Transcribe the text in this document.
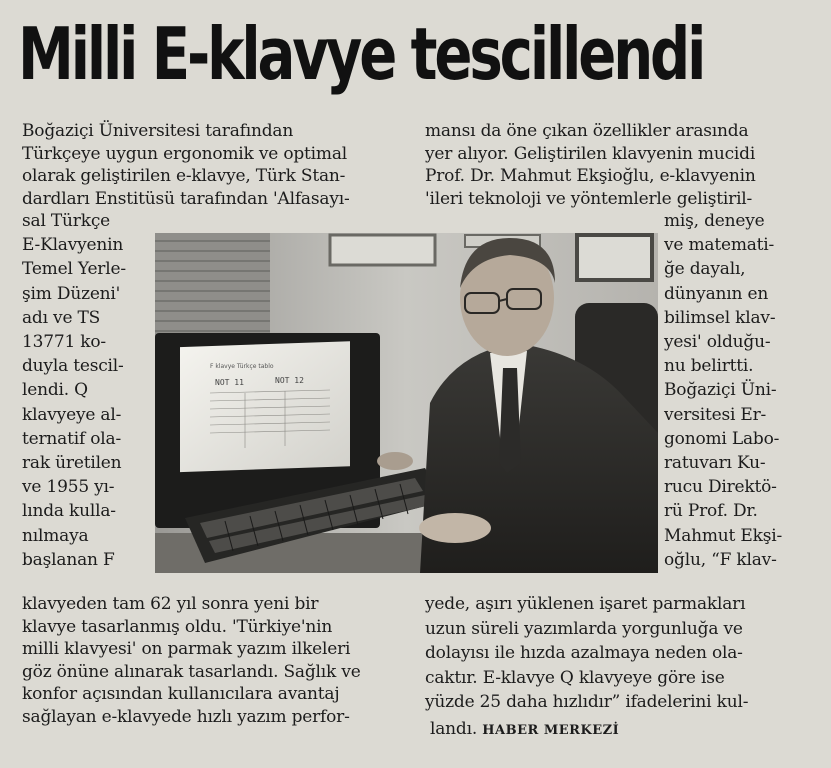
Milli E-klavye tescillendi
Boğaziçi Üniversitesi tarafından
Türkçeye uygun ergonomik ve optimal
olarak geliştirilen e-klavye, Türk Stan-
dardları Enstitüsü tarafından 'Alfasayı-
sal Türkçe
E-Klavyenin
Temel Yerle-
şim Düzeni'
adı ve TS
13771 ko-
duyla tescil-
lendi. Q
klavyeye al-
ternatif ola-
rak üretilen
ve 1955 yı-
lında kulla-
nılmaya
başlanan F
klavyeden tam 62 yıl sonra yeni bir
klavye tasarlanmış oldu. 'Türkiye'nin
milli klavyesi' on parmak yazım ilkeleri
göz önüne alınarak tasarlandı. Sağlık ve
konfor açısından kullanıcılara avantaj
sağlayan e-klavyede hızlı yazım perfor-
mansı da öne çıkan özellikler arasında
yer alıyor. Geliştirilen klavyenin mucidi
Prof. Dr. Mahmut Ekşioğlu, e-klavyenin
'ileri teknoloji ve yöntemlerle geliştiril-
miş, deneye
ve matemati-
ğe dayalı,
dünyanın en
bilimsel klav-
yesi' olduğu-
nu belirtti.
Boğaziçi Üni-
versitesi Er-
gonomi Labo-
ratuvarı Ku-
rucu Direktö-
rü Prof. Dr.
Mahmut Ekşi-
oğlu, “F klav-
yede, aşırı yüklenen işaret parmakları
uzun süreli yazımlarda yorgunluğa ve
dolayısı ile hızda azalmaya neden ola-
caktır. E-klavye Q klavyeye göre ise
yüzde 25 daha hızlıdır” ifadelerini kul-
landı. HABER MERKEZİ
F klavye Türkçe tablo
NOT 11	NOT 12
